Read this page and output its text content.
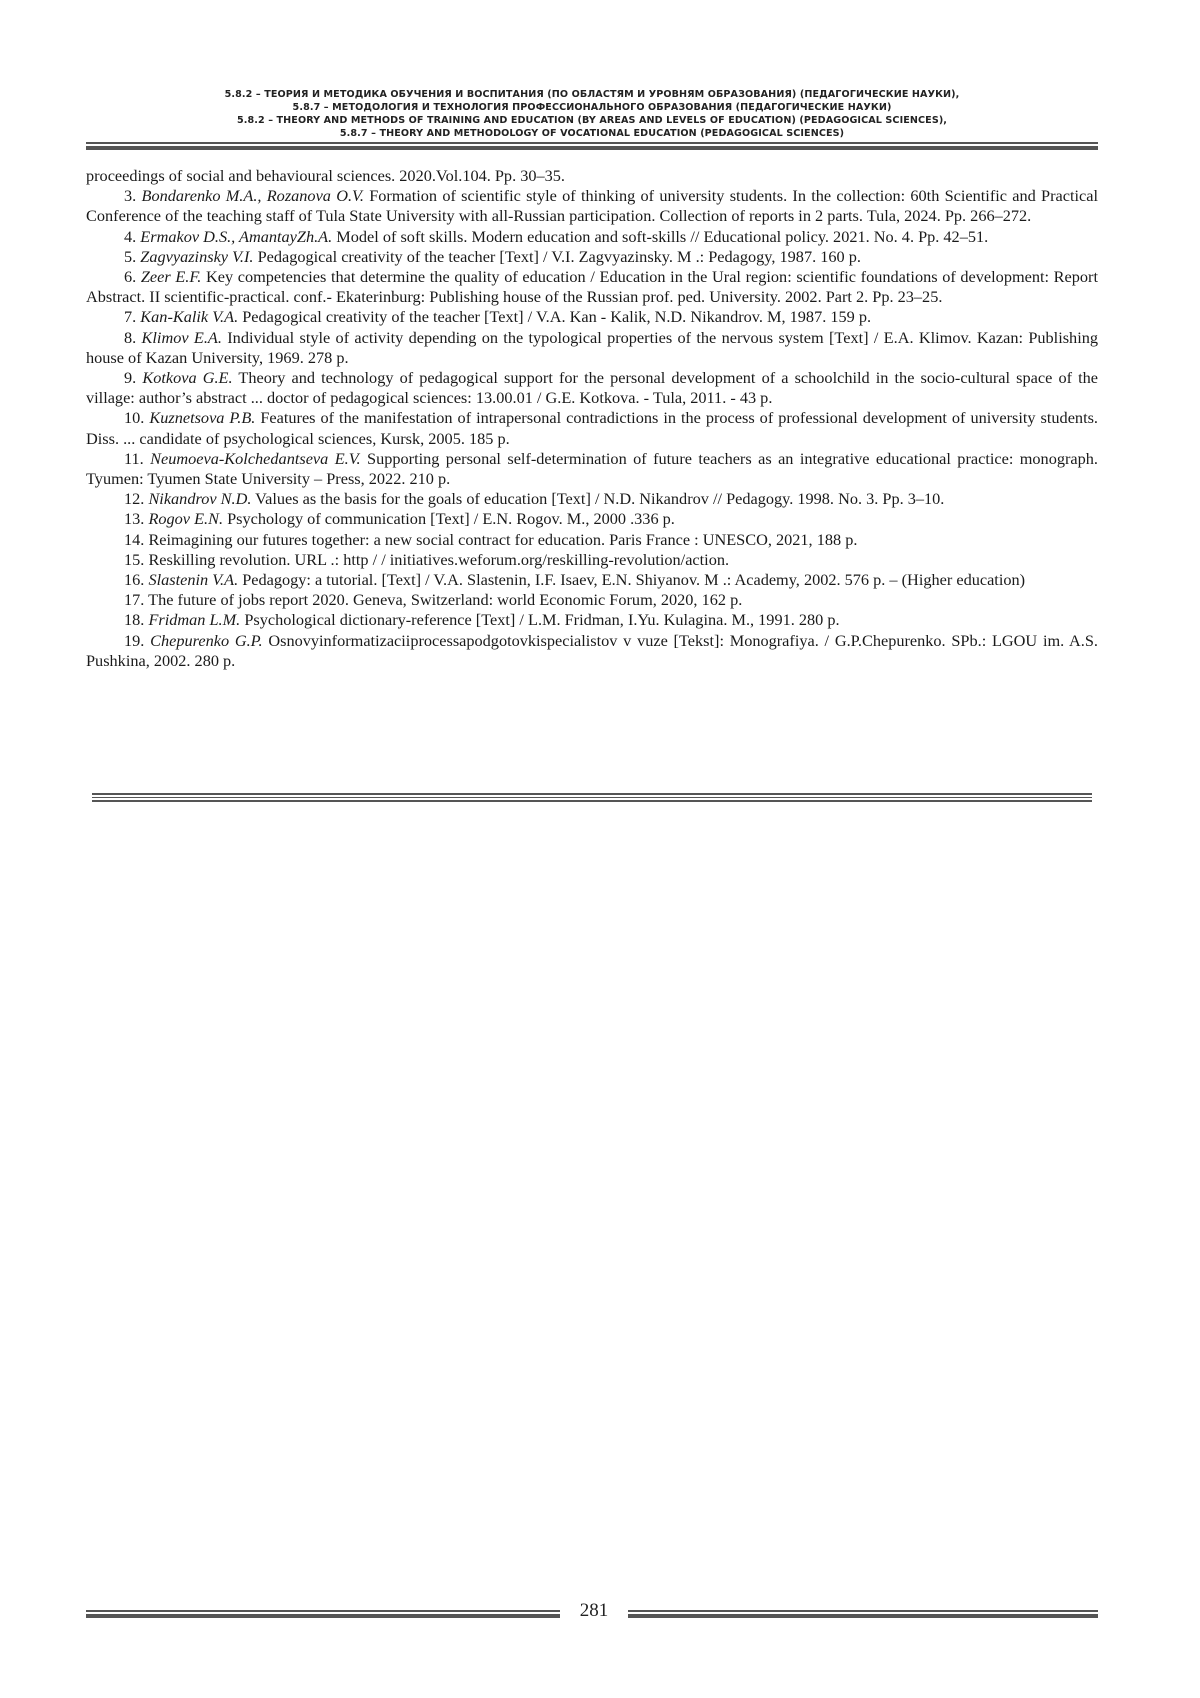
5.8.2 – ТЕОРИЯ И МЕТОДИКА ОБУЧЕНИЯ И ВОСПИТАНИЯ (ПО ОБЛАСТЯМ И УРОВНЯМ ОБРАЗОВАНИЯ) (ПЕДАГОГИЧЕСКИЕ НАУКИ),
5.8.7 – МЕТОДОЛОГИЯ И ТЕХНОЛОГИЯ ПРОФЕССИОНАЛЬНОГО ОБРАЗОВАНИЯ (ПЕДАГОГИЧЕСКИЕ НАУКИ)
5.8.2 – THEORY AND METHODS OF TRAINING AND EDUCATION (BY AREAS AND LEVELS OF EDUCATION) (PEDAGOGICAL SCIENCES),
5.8.7 – THEORY AND METHODOLOGY OF VOCATIONAL EDUCATION (PEDAGOGICAL SCIENCES)

proceedings of social and behavioural sciences. 2020.Vol.104. Pp. 30–35.

3. Bondarenko M.A., Rozanova O.V. Formation of scientific style of thinking of university students. In the collection: 60th Scientific and Practical Conference of the teaching staff of Tula State University with all-Russian participation. Collection of reports in 2 parts. Tula, 2024. Pp. 266–272.

4. Ermakov D.S., AmantayZh.A. Model of soft skills. Modern education and soft-skills // Educational policy. 2021. No. 4. Pp. 42–51.

5. Zagvyazinsky V.I. Pedagogical creativity of the teacher [Text] / V.I. Zagvyazinsky. M .: Pedagogy, 1987. 160 p.

6. Zeer E.F. Key competencies that determine the quality of education / Education in the Ural region: scientific foundations of development: Report Abstract. II scientific-practical. conf.- Ekaterinburg: Publishing house of the Russian prof. ped. University. 2002. Part 2. Pp. 23–25.

7. Kan-Kalik V.A. Pedagogical creativity of the teacher [Text] / V.A. Kan - Kalik, N.D. Nikandrov. M, 1987. 159 p.

8. Klimov E.A. Individual style of activity depending on the typological properties of the nervous system [Text] / E.A. Klimov. Kazan: Publishing house of Kazan University, 1969. 278 p.

9. Kotkova G.E. Theory and technology of pedagogical support for the personal development of a schoolchild in the socio-cultural space of the village: author’s abstract ... doctor of pedagogical sciences: 13.00.01 / G.E. Kotkova. - Tula, 2011. - 43 p.

10. Kuznetsova P.B. Features of the manifestation of intrapersonal contradictions in the process of professional development of university students. Diss. ... candidate of psychological sciences, Kursk, 2005. 185 p.

11. Neumoeva-Kolchedantseva E.V. Supporting personal self-determination of future teachers as an integrative educational practice: monograph. Tyumen: Tyumen State University – Press, 2022. 210 p.

12. Nikandrov N.D. Values as the basis for the goals of education [Text] / N.D. Nikandrov // Pedagogy. 1998. No. 3. Pp. 3–10.

13. Rogov E.N. Psychology of communication [Text] / E.N. Rogov. M., 2000 .336 p.

14. Reimagining our futures together: a new social contract for education. Paris France : UNESCO, 2021, 188 p.

15. Reskilling revolution. URL .: http / / initiatives.weforum.org/reskilling-revolution/action.

16. Slastenin V.A. Pedagogy: a tutorial. [Text] / V.A. Slastenin, I.F. Isaev, E.N. Shiyanov. M .: Academy, 2002. 576 p. – (Higher education)

17. The future of jobs report 2020. Geneva, Switzerland: world Economic Forum, 2020, 162 p.

18. Fridman L.M. Psychological dictionary-reference [Text] / L.M. Fridman, I.Yu. Kulagina. M., 1991. 280 p.

19. Chepurenko G.P. Osnovyinformatizaciiprocessapodgotovkispecialistov v vuze [Tekst]: Monografiya. / G.P.Chepurenko. SPb.: LGOU im. A.S. Pushkina, 2002. 280 p.

281
